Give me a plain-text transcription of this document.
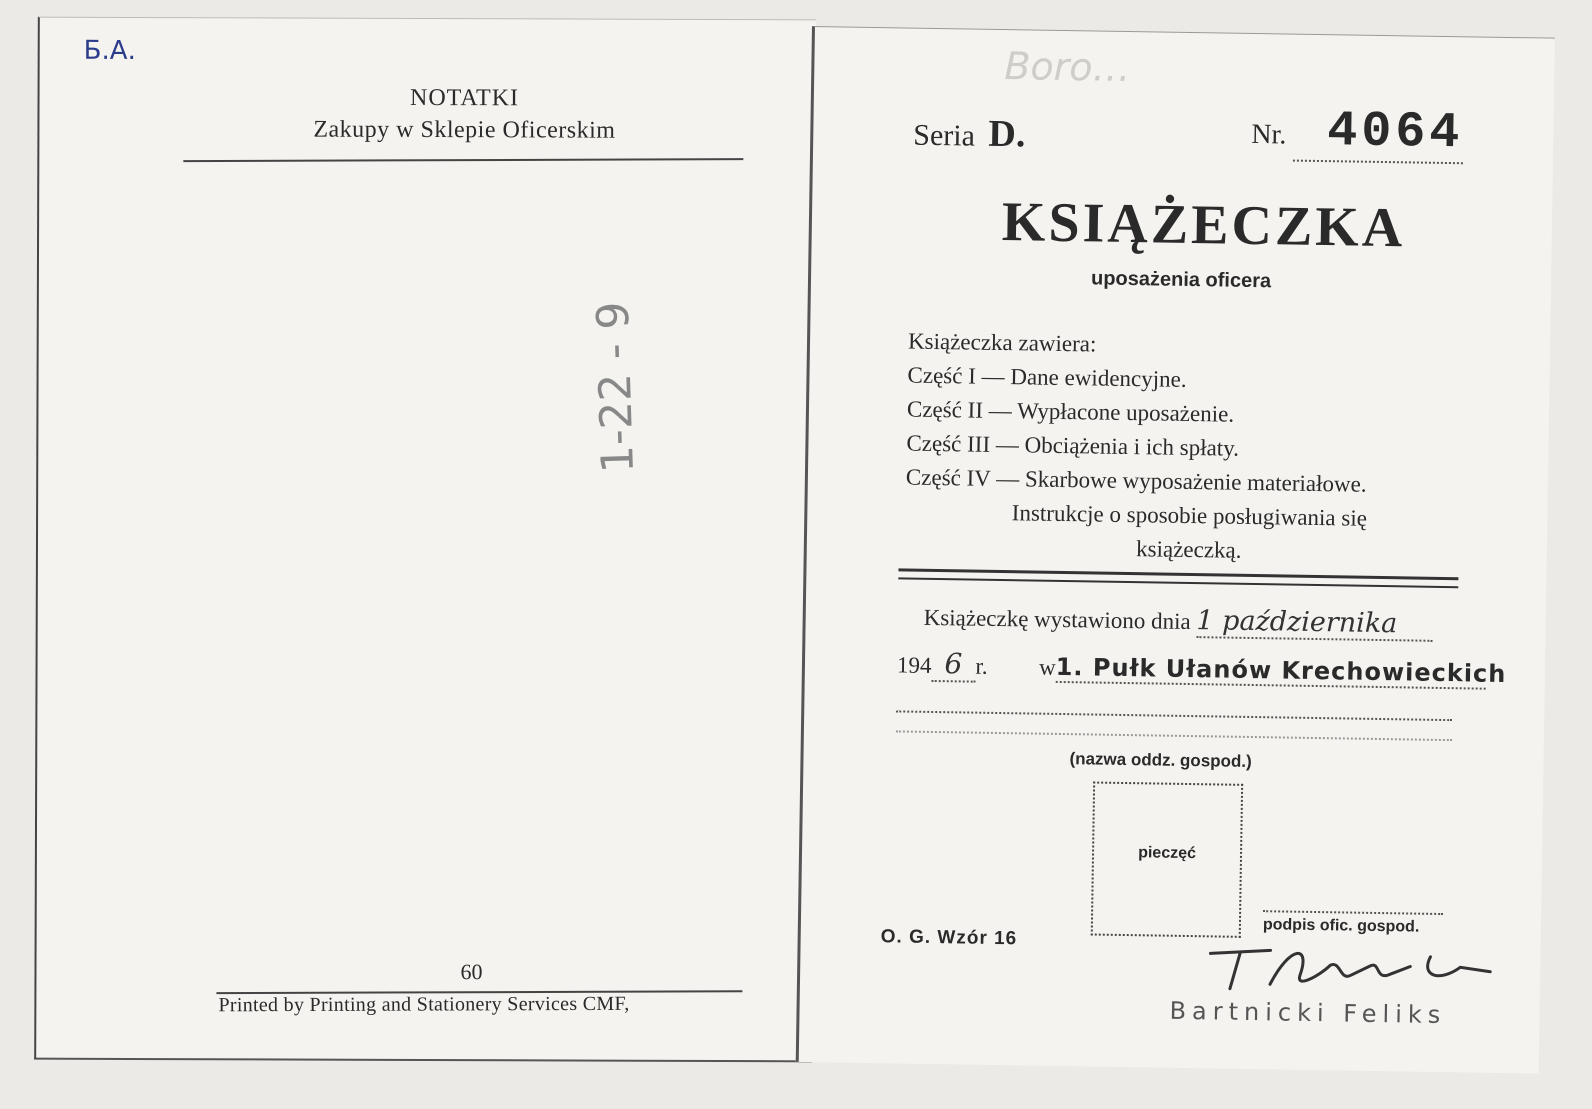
Б.А.
NOTATKI
Zakupy w Sklepie Oficerskim
1‑22 ‑ 9
60
Printed by Printing and Stationery Services CMF,
Boro…
Seria D.	Nr. 4064
KSIĄŻECZKA
uposażenia oficera
Książeczka zawiera:
Część I — Dane ewidencyjne.
Część II — Wypłacone uposażenie.
Część III — Obciążenia i ich spłaty.
Część IV — Skarbowe wyposażenie materiałowe.
Instrukcje o sposobie posługiwania się książeczką.
Książeczkę wystawiono dnia 1 października
194 6 r. w1. Pułk Ułanów Krechowieckich
(nazwa oddz. gospod.)
pieczęć
O. G. Wzór 16
podpis ofic. gospod.
Bartnicki Feliks
